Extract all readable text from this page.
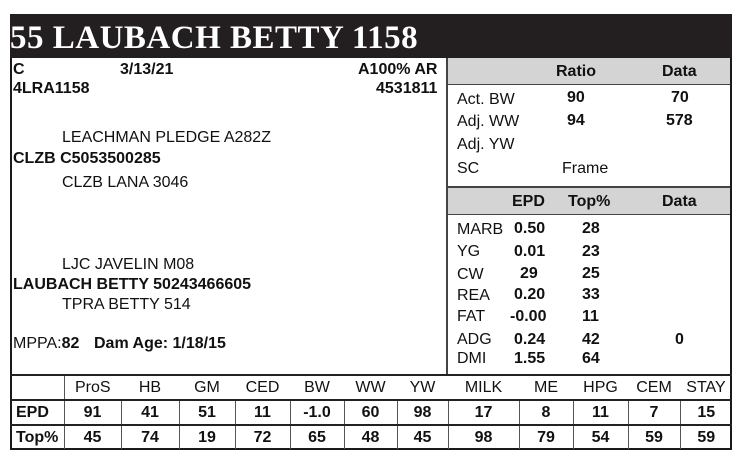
55 LAUBACH BETTY 1158
C	3/13/21	A100% AR
4LRA1158	4531811
LEACHMAN PLEDGE A282Z
CLZB C5053500285
CLZB LANA 3046
LJC JAVELIN M08
LAUBACH BETTY 50243466605
TPRA BETTY 514
MPPA:82 Dam Age: 1/18/15
Ratio	Data
Act. BW	90	70
Adj. WW	94	578
Adj. YW
SC	Frame
EPD Top%	Data
MARB 0.50 28
YG 0.01 23
CW 29	25
REA 0.20 33
FAT -0.00 11
ADG 0.24 42	0
DMI 1.55 64
	ProS	HB	GM	CED	BW	WW	YW	MILK	ME	HPG	CEM	STAY
EPD	91	41	51	11	-1.0	60	98	17	8	11	7	15
Top%	45	74	19	72	65	48	45	98	79	54	59	59
